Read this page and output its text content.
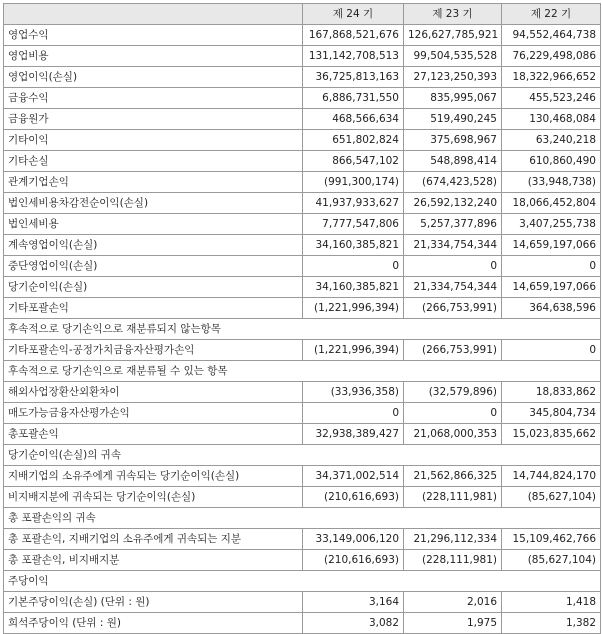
	제 24 기	제 23 기	제 22 기
영업수익	167,868,521,676	126,627,785,921	94,552,464,738
영업비용	131,142,708,513	99,504,535,528	76,229,498,086
영업이익(손실)	36,725,813,163	27,123,250,393	18,322,966,652
금융수익	6,886,731,550	835,995,067	455,523,246
금융원가	468,566,634	519,490,245	130,468,084
기타이익	651,802,824	375,698,967	63,240,218
기타손실	866,547,102	548,898,414	610,860,490
관계기업손익	(991,300,174)	(674,423,528)	(33,948,738)
법인세비용차감전순이익(손실)	41,937,933,627	26,592,132,240	18,066,452,804
법인세비용	7,777,547,806	5,257,377,896	3,407,255,738
계속영업이익(손실)	34,160,385,821	21,334,754,344	14,659,197,066
중단영업이익(손실)	0	0	0
당기순이익(손실)	34,160,385,821	21,334,754,344	14,659,197,066
기타포괄손익	(1,221,996,394)	(266,753,991)	364,638,596
후속적으로 당기손익으로 재분류되지 않는항목			
기타포괄손익-공정가치금융자산평가손익	(1,221,996,394)	(266,753,991)	0
후속적으로 당기손익으로 재분류될 수 있는 항목			
해외사업장환산외환차이	(33,936,358)	(32,579,896)	18,833,862
매도가능금융자산평가손익	0	0	345,804,734
총포괄손익	32,938,389,427	21,068,000,353	15,023,835,662
당기순이익(손실)의 귀속			
지배기업의 소유주에게 귀속되는 당기순이익(손실)	34,371,002,514	21,562,866,325	14,744,824,170
비지배지분에 귀속되는 당기순이익(손실)	(210,616,693)	(228,111,981)	(85,627,104)
총 포괄손익의 귀속			
총 포괄손익, 지배기업의 소유주에게 귀속되는 지분	33,149,006,120	21,296,112,334	15,109,462,766
총 포괄손익, 비지배지분	(210,616,693)	(228,111,981)	(85,627,104)
주당이익			
기본주당이익(손실) (단위 : 원)	3,164	2,016	1,418
희석주당이익 (단위 : 원)	3,082	1,975	1,382
